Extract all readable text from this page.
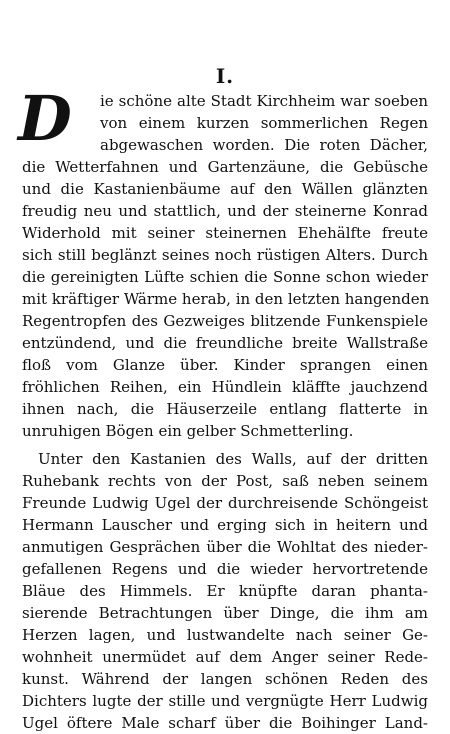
I.
D ie schöne alte Stadt Kirchheim war soeben
von einem kurzen sommerlichen Regen
abgewaschen worden. Die roten Dächer,
die Wetterfahnen und Gartenzäune, die Gebüsche
und die Kastanienbäume auf den Wällen glänzten
freudig neu und stattlich, und der steinerne Konrad
Widerhold mit seiner steinernen Ehehälfte freute
sich still beglänzt seines noch rüstigen Alters. Durch
die gereinigten Lüfte schien die Sonne schon wieder
mit kräftiger Wärme herab, in den letzten hangenden
Regentropfen des Gezweiges blitzende Funkenspiele
entzündend, und die freundliche breite Wallstraße
floß vom Glanze über. Kinder sprangen einen
fröhlichen Reihen, ein Hündlein kläffte jauchzend
ihnen nach, die Häuserzeile entlang flatterte in
unruhigen Bögen ein gelber Schmetterling.
Unter den Kastanien des Walls, auf der dritten
Ruhebank rechts von der Post, saß neben seinem
Freunde Ludwig Ugel der durchreisende Schöngeist
Hermann Lauscher und erging sich in heitern und
anmutigen Gesprächen über die Wohltat des nieder-
gefallenen Regens und die wieder hervortretende
Bläue des Himmels. Er knüpfte daran phanta-
sierende Betrachtungen über Dinge, die ihm am
Herzen lagen, und lustwandelte nach seiner Ge-
wohnheit unermüdet auf dem Anger seiner Rede-
kunst. Während der langen schönen Reden des
Dichters lugte der stille und vergnügte Herr Ludwig
Ugel öftere Male scharf über die Boihinger Land-
